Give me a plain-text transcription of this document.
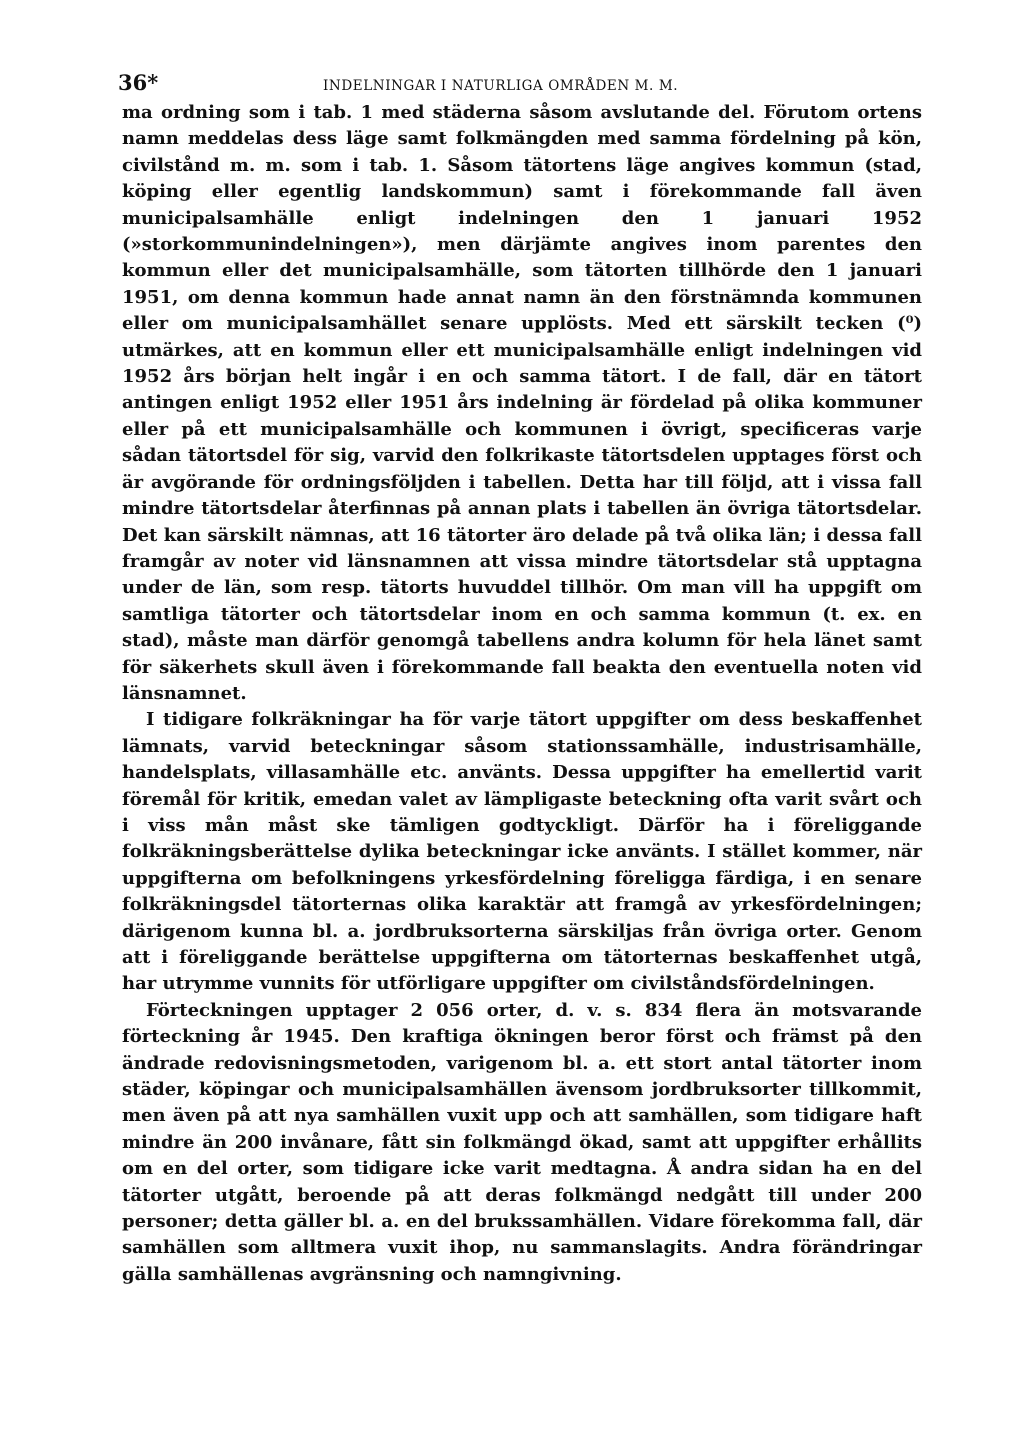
36*	INDELNINGAR I NATURLIGA OMRÅDEN M. M.

ma ordning som i tab. 1 med städerna såsom avslutande del. Förutom ortens namn meddelas dess läge samt folkmängden med samma fördelning på kön, civilstånd m. m. som i tab. 1. Såsom tätortens läge angives kommun (stad, köping eller egentlig landskommun) samt i förekommande fall även municipalsamhälle enligt indelningen den 1 januari 1952 (»storkommunindelningen»), men därjämte angives inom parentes den kommun eller det municipalsamhälle, som tätorten tillhörde den 1 januari 1951, om denna kommun hade annat namn än den förstnämnda kommunen eller om municipalsamhället senare upplösts. Med ett särskilt tecken (⁰) utmärkes, att en kommun eller ett municipalsamhälle enligt indelningen vid 1952 års början helt ingår i en och samma tätort. I de fall, där en tätort antingen enligt 1952 eller 1951 års indelning är fördelad på olika kommuner eller på ett municipalsamhälle och kommunen i övrigt, specificeras varje sådan tätortsdel för sig, varvid den folkrikaste tätortsdelen upptages först och är avgörande för ordningsföljden i tabellen. Detta har till följd, att i vissa fall mindre tätortsdelar återfinnas på annan plats i tabellen än övriga tätortsdelar. Det kan särskilt nämnas, att 16 tätorter äro delade på två olika län; i dessa fall framgår av noter vid länsnamnen att vissa mindre tätortsdelar stå upptagna under de län, som resp. tätorts huvuddel tillhör. Om man vill ha uppgift om samtliga tätorter och tätortsdelar inom en och samma kommun (t. ex. en stad), måste man därför genomgå tabellens andra kolumn för hela länet samt för säkerhets skull även i förekommande fall beakta den eventuella noten vid länsnamnet.

I tidigare folkräkningar ha för varje tätort uppgifter om dess beskaffenhet lämnats, varvid beteckningar såsom stationssamhälle, industrisamhälle, handelsplats, villasamhälle etc. använts. Dessa uppgifter ha emellertid varit föremål för kritik, emedan valet av lämpligaste beteckning ofta varit svårt och i viss mån måst ske tämligen godtyckligt. Därför ha i föreliggande folkräkningsberättelse dylika beteckningar icke använts. I stället kommer, när uppgifterna om befolkningens yrkesfördelning föreligga färdiga, i en senare folkräkningsdel tätorternas olika karaktär att framgå av yrkesfördelningen; därigenom kunna bl. a. jordbruksorterna särskiljas från övriga orter. Genom att i föreliggande berättelse uppgifterna om tätorternas beskaffenhet utgå, har utrymme vunnits för utförligare uppgifter om civilståndsfördelningen.

Förteckningen upptager 2 056 orter, d. v. s. 834 flera än motsvarande förteckning år 1945. Den kraftiga ökningen beror först och främst på den ändrade redovisningsmetoden, varigenom bl. a. ett stort antal tätorter inom städer, köpingar och municipalsamhällen ävensom jordbruksorter tillkommit, men även på att nya samhällen vuxit upp och att samhällen, som tidigare haft mindre än 200 invånare, fått sin folkmängd ökad, samt att uppgifter erhållits om en del orter, som tidigare icke varit medtagna. Å andra sidan ha en del tätorter utgått, beroende på att deras folkmängd nedgått till under 200 personer; detta gäller bl. a. en del brukssamhällen. Vidare förekomma fall, där samhällen som alltmera vuxit ihop, nu sammanslagits. Andra förändringar gälla samhällenas avgränsning och namngivning.
